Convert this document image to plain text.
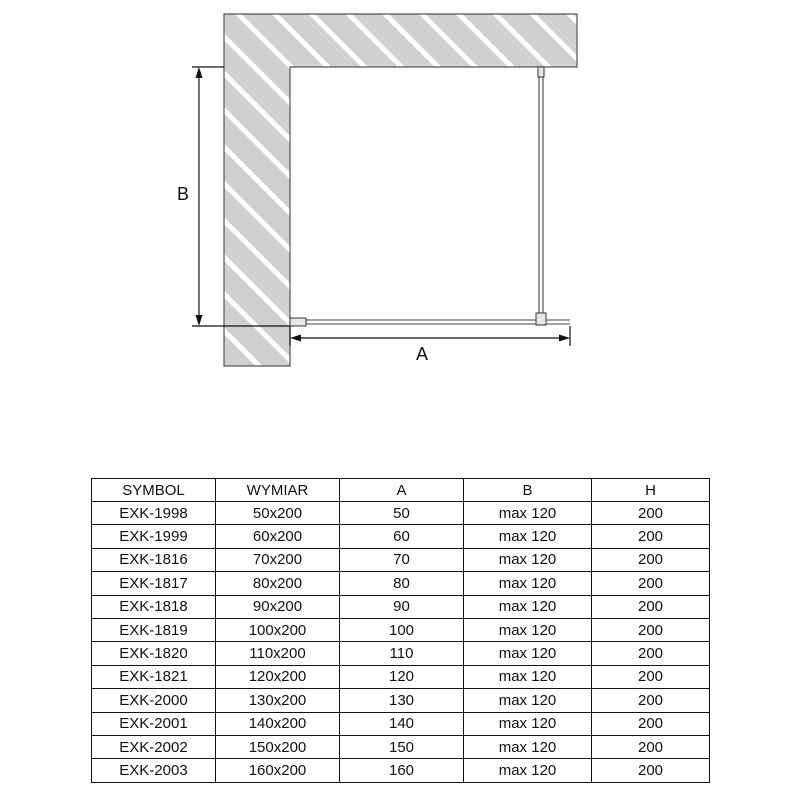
B
A
SYMBOL	WYMIAR	A	B	H
EXK-1998	50x200	50	max 120	200
EXK-1999	60x200	60	max 120	200
EXK-1816	70x200	70	max 120	200
EXK-1817	80x200	80	max 120	200
EXK-1818	90x200	90	max 120	200
EXK-1819	100x200	100	max 120	200
EXK-1820	110x200	110	max 120	200
EXK-1821	120x200	120	max 120	200
EXK-2000	130x200	130	max 120	200
EXK-2001	140x200	140	max 120	200
EXK-2002	150x200	150	max 120	200
EXK-2003	160x200	160	max 120	200
